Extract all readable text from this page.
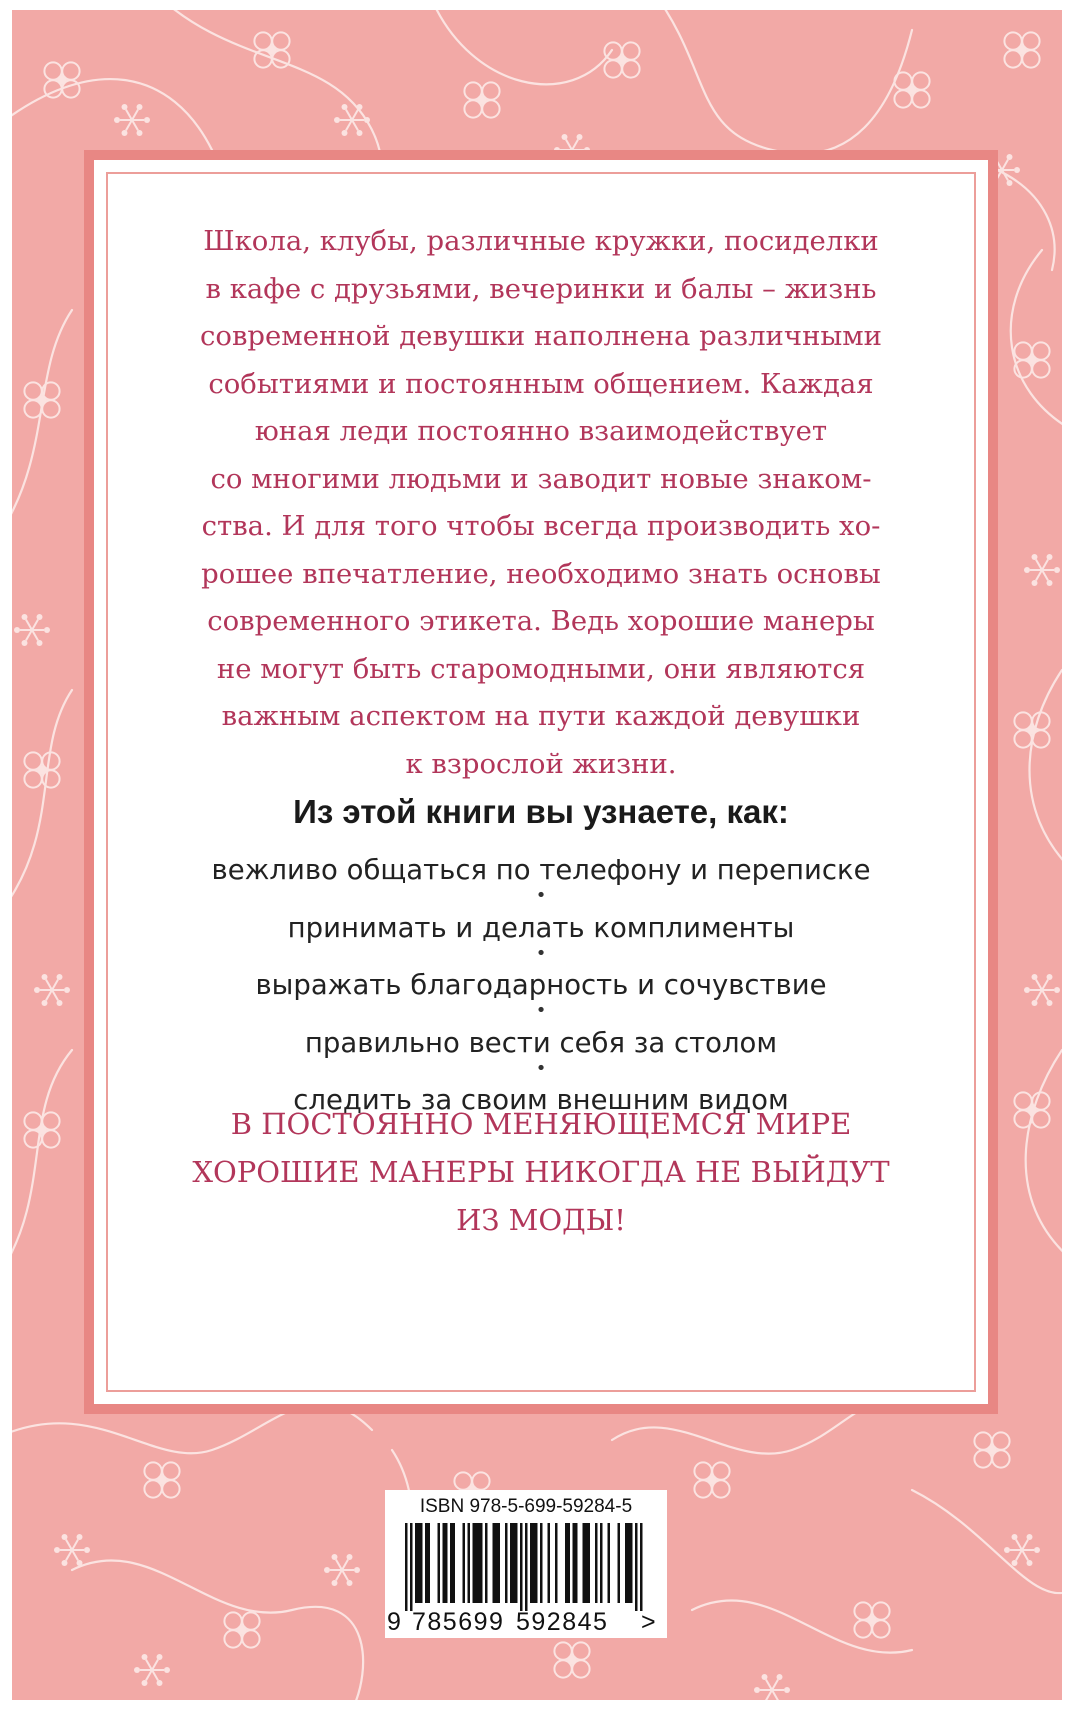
Школа, клубы, различные кружки, посиделки
в кафе с друзьями, вечеринки и балы – жизнь
современной девушки наполнена различными
событиями и постоянным общением. Каждая
юная леди постоянно взаимодействует
со многими людьми и заводит новые знаком-
ства. И для того чтобы всегда производить хо-
рошее впечатление, необходимо знать основы
современного этикета. Ведь хорошие манеры
не могут быть старомодными, они являются
важным аспектом на пути каждой девушки
к взрослой жизни.

Из этой книги вы узнаете, как:
вежливо общаться по телефону и переписке
•
принимать и делать комплименты
•
выражать благодарность и сочувствие
•
правильно вести себя за столом
•
следить за своим внешним видом

В ПОСТОЯННО МЕНЯЮЩЕМСЯ МИРЕ
ХОРОШИЕ МАНЕРЫ НИКОГДА НЕ ВЫЙДУТ
ИЗ МОДЫ!

ISBN 978-5-699-59284-5

9 785699 592845 >
